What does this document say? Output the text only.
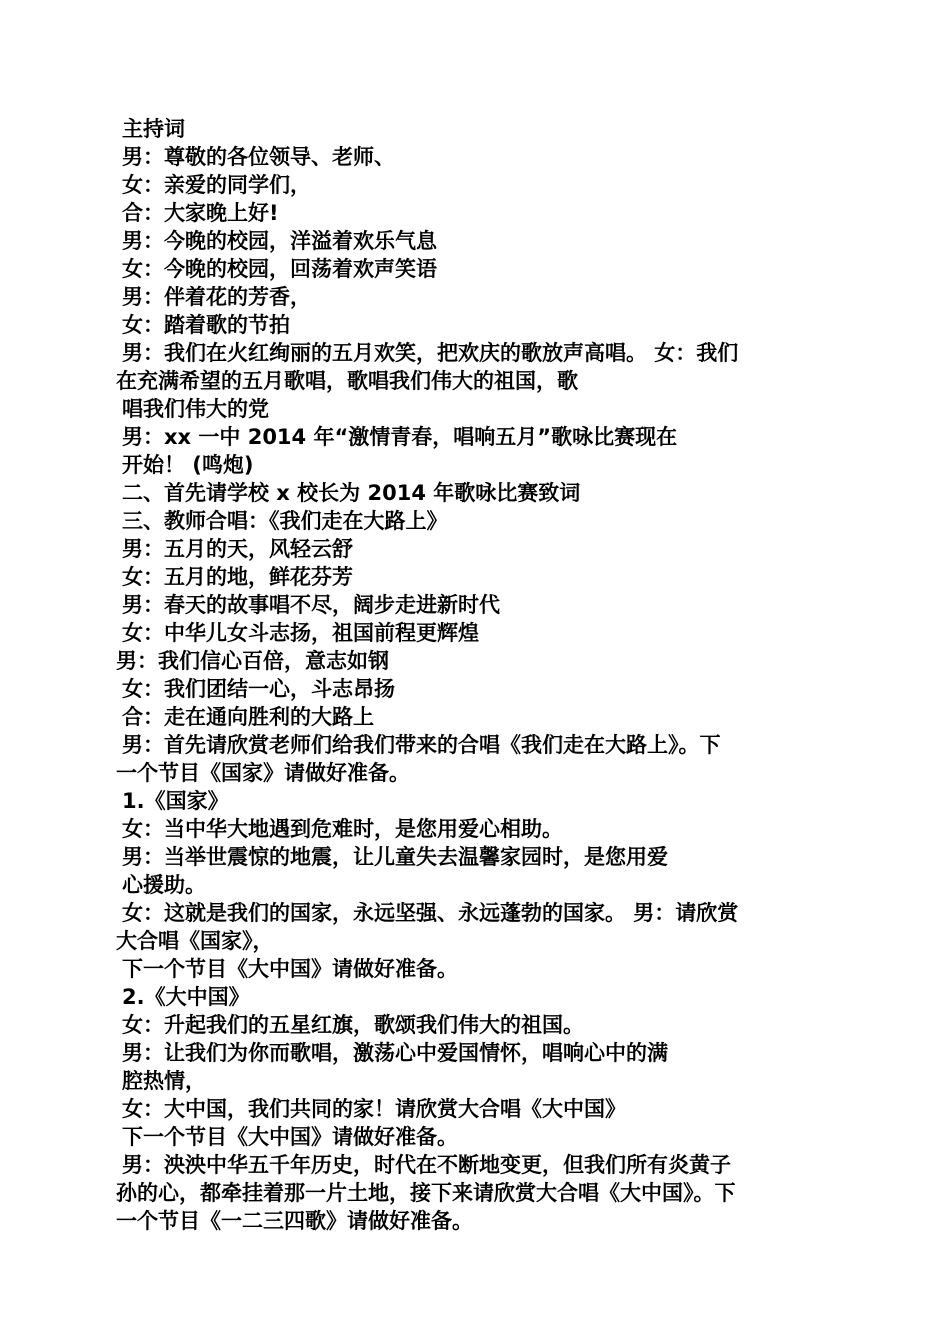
主持词
男：尊敬的各位领导、老师、
女：亲爱的同学们，
合：大家晚上好!
男：今晚的校园，洋溢着欢乐气息
女：今晚的校园，回荡着欢声笑语
男：伴着花的芳香，
女：踏着歌的节拍
男：我们在火红绚丽的五月欢笑，把欢庆的歌放声高唱。 女：我们
在充满希望的五月歌唱，歌唱我们伟大的祖国，歌
唱我们伟大的党
男：xx 一中 2014 年“激情青春，唱响五月”歌咏比赛现在
开始！ (鸣炮)
二、首先请学校 x 校长为 2014 年歌咏比赛致词
三、教师合唱：《我们走在大路上》
男：五月的天，风轻云舒
女：五月的地，鲜花芬芳
男：春天的故事唱不尽，阔步走进新时代
女：中华儿女斗志扬，祖国前程更辉煌
男：我们信心百倍，意志如钢
女：我们团结一心，斗志昂扬
合：走在通向胜利的大路上
男：首先请欣赏老师们给我们带来的合唱《我们走在大路上》。下
一个节目《国家》请做好准备。
1.《国家》
女：当中华大地遇到危难时，是您用爱心相助。
男：当举世震惊的地震，让儿童失去温馨家园时，是您用爱
心援助。
女：这就是我们的国家，永远坚强、永远蓬勃的国家。 男：请欣赏
大合唱《国家》，
下一个节目《大中国》请做好准备。
2.《大中国》
女：升起我们的五星红旗，歌颂我们伟大的祖国。
男：让我们为你而歌唱，激荡心中爱国情怀，唱响心中的满
腔热情，
女：大中国，我们共同的家！请欣赏大合唱《大中国》
下一个节目《大中国》请做好准备。
男：泱泱中华五千年历史，时代在不断地变更，但我们所有炎黄子
孙的心，都牵挂着那一片土地，接下来请欣赏大合唱《大中国》。下
一个节目《一二三四歌》请做好准备。
